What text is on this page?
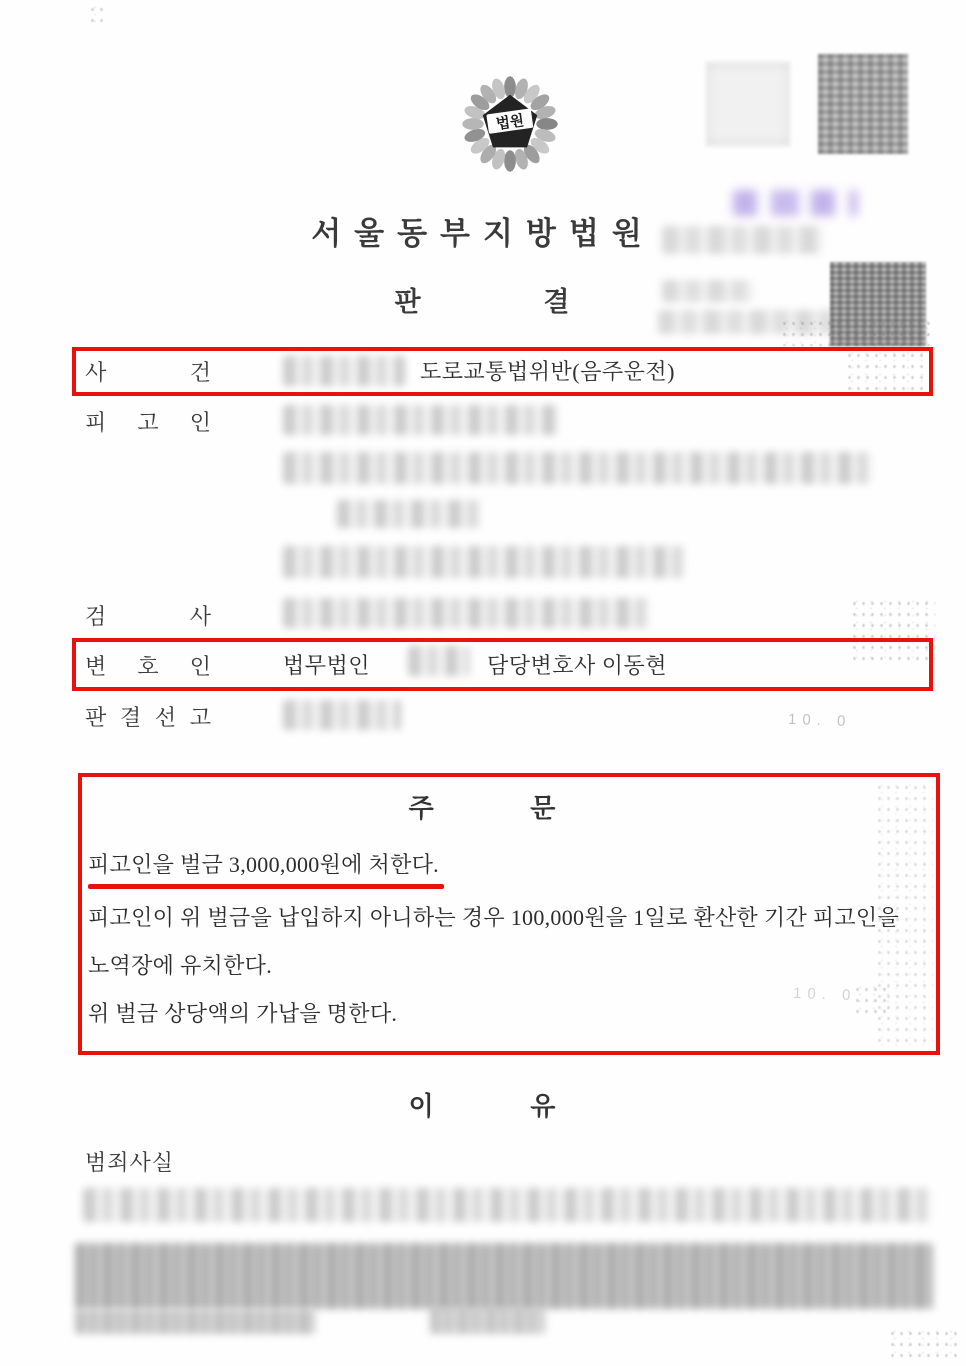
법원
서울동부지방법원
판 결
10. 0
10. 0
사 건	도로교통법위반(음주운전)
피 고 인
검 사
변 호 인	법무법인	담당변호사 이동현
판 결 선 고
주 문
피고인을 벌금 3,000,000원에 처한다.
피고인이 위 벌금을 납입하지 아니하는 경우 100,000원을 1일로 환산한 기간 피고인을
노역장에 유치한다.
위 벌금 상당액의 가납을 명한다.
이 유
범죄사실
